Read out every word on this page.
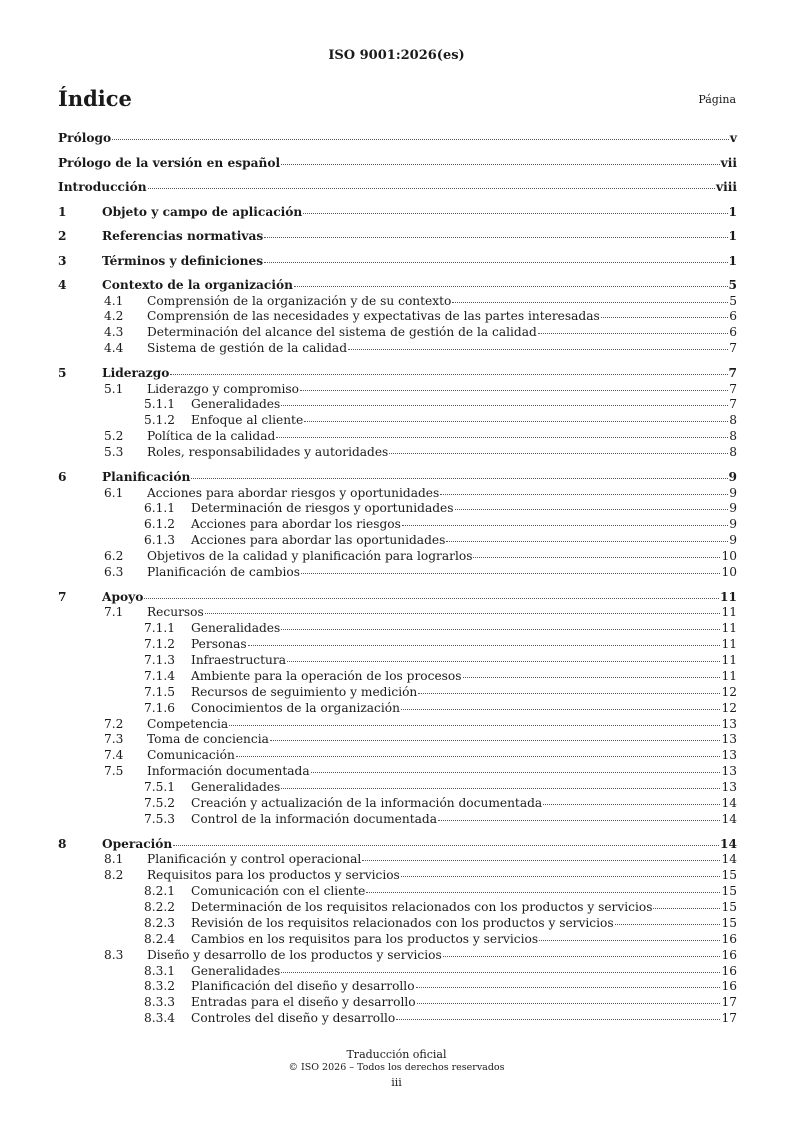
ISO 9001:2026(es)
Índice	Página
Prólogo	v
Prólogo de la versión en español	vii
Introducción	viii
1	Objeto y campo de aplicación	1
2	Referencias normativas	1
3	Términos y definiciones	1
4	Contexto de la organización	5
4.1	Comprensión de la organización y de su contexto	5
4.2	Comprensión de las necesidades y expectativas de las partes interesadas	6
4.3	Determinación del alcance del sistema de gestión de la calidad	6
4.4	Sistema de gestión de la calidad	7
5	Liderazgo	7
5.1	Liderazgo y compromiso	7
5.1.1	Generalidades	7
5.1.2	Enfoque al cliente	8
5.2	Política de la calidad	8
5.3	Roles, responsabilidades y autoridades	8
6	Planificación	9
6.1	Acciones para abordar riesgos y oportunidades	9
6.1.1	Determinación de riesgos y oportunidades	9
6.1.2	Acciones para abordar los riesgos	9
6.1.3	Acciones para abordar las oportunidades	9
6.2	Objetivos de la calidad y planificación para lograrlos	10
6.3	Planificación de cambios	10
7	Apoyo	11
7.1	Recursos	11
7.1.1	Generalidades	11
7.1.2	Personas	11
7.1.3	Infraestructura	11
7.1.4	Ambiente para la operación de los procesos	11
7.1.5	Recursos de seguimiento y medición	12
7.1.6	Conocimientos de la organización	12
7.2	Competencia	13
7.3	Toma de conciencia	13
7.4	Comunicación	13
7.5	Información documentada	13
7.5.1	Generalidades	13
7.5.2	Creación y actualización de la información documentada	14
7.5.3	Control de la información documentada	14
8	Operación	14
8.1	Planificación y control operacional	14
8.2	Requisitos para los productos y servicios	15
8.2.1	Comunicación con el cliente	15
8.2.2	Determinación de los requisitos relacionados con los productos y servicios	15
8.2.3	Revisión de los requisitos relacionados con los productos y servicios	15
8.2.4	Cambios en los requisitos para los productos y servicios	16
8.3	Diseño y desarrollo de los productos y servicios	16
8.3.1	Generalidades	16
8.3.2	Planificación del diseño y desarrollo	16
8.3.3	Entradas para el diseño y desarrollo	17
8.3.4	Controles del diseño y desarrollo	17
Traducción oficial
© ISO 2026 – Todos los derechos reservados
iii
